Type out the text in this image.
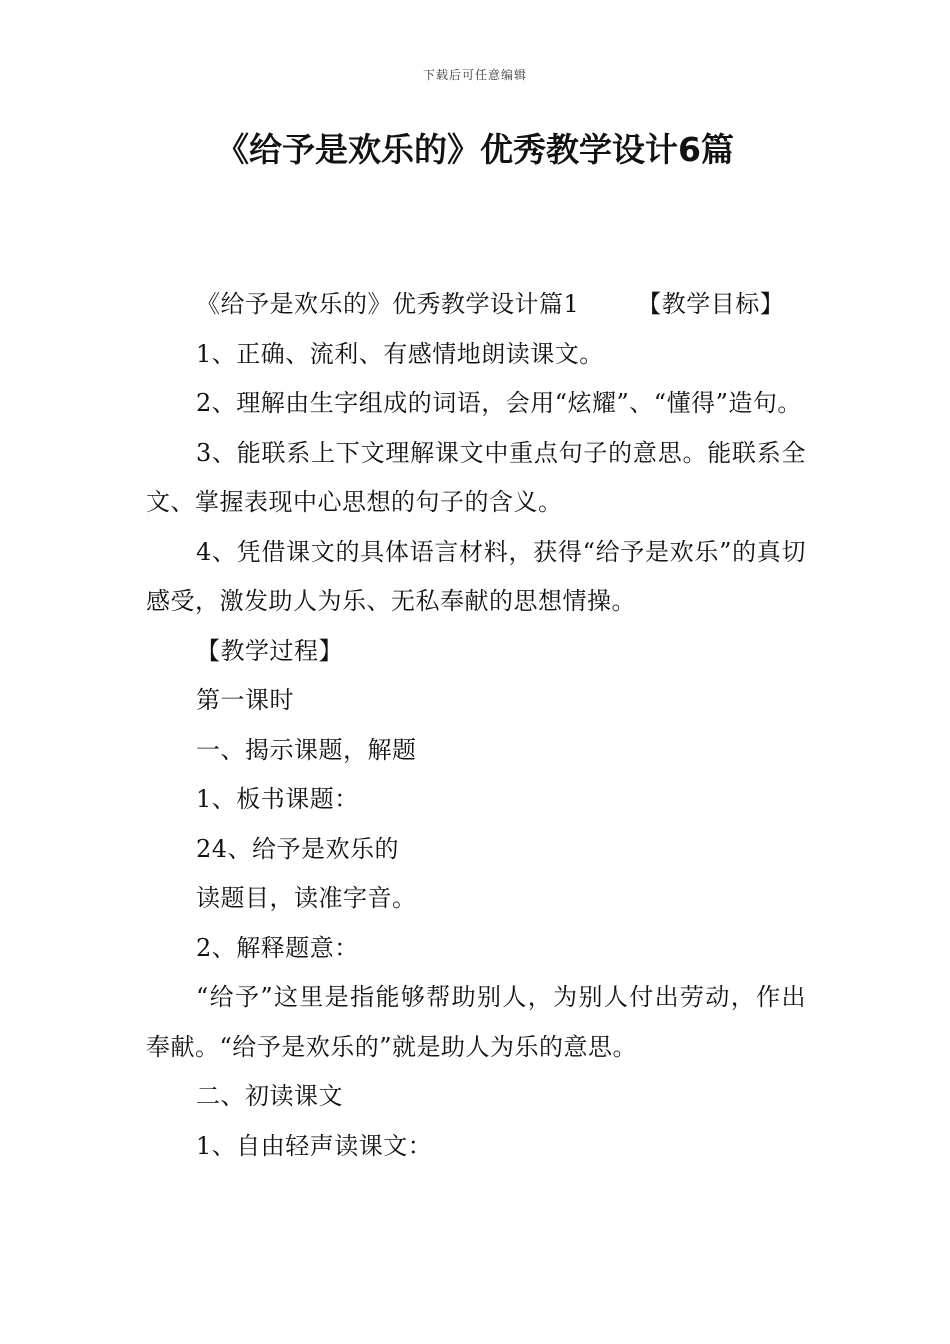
下载后可任意编辑
《给予是欢乐的》优秀教学设计6篇

《给予是欢乐的》优秀教学设计篇1 【教学目标】

1、正确、流利、有感情地朗读课文。

2、理解由生字组成的词语，会用“炫耀”、“懂得”造句。

3、能联系上下文理解课文中重点句子的意思。能联系全文、掌握表现中心思想的句子的含义。

4、凭借课文的具体语言材料，获得“给予是欢乐”的真切感受，激发助人为乐、无私奉献的思想情操。

【教学过程】

第一课时

一、揭示课题，解题

1、板书课题：

24、给予是欢乐的

读题目，读准字音。

2、解释题意：

“给予”这里是指能够帮助别人，为别人付出劳动，作出奉献。“给予是欢乐的”就是助人为乐的意思。

二、初读课文

1、自由轻声读课文：
